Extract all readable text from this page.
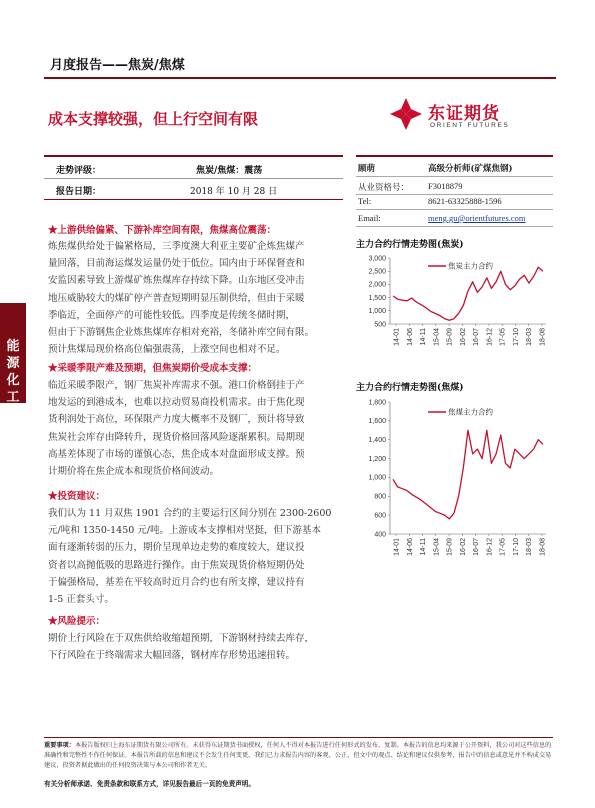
月度报告——焦炭/焦煤
成本支撑较强，但上行空间有限	东证期货
ORIENT FUTURES
能源化工
走势评级：	焦炭/焦煤：震荡
报告日期：	2018 年 10 月 28 日
顾萌	高级分析师(矿煤焦钢)
从业资格号： F3018879
Tel:	8621-63325888-1596
Email:	meng.gu@orientfutures.com
★上游供给偏紧、下游补库空间有限，焦煤高位震荡：
炼焦煤供给处于偏紧格局，三季度澳大利亚主要矿企炼焦煤产
量回落，目前海运煤发运量仍处于低位。国内由于环保督查和
安监因素导致上游煤矿炼焦煤库存持续下降。山东地区受冲击
地压威胁较大的煤矿停产普查短期明显压制供给，但由于采暖
季临近，全面停产的可能性较低。四季度是传统冬储时期，
但由于下游钢焦企业炼焦煤库存相对充裕，冬储补库空间有限。
预计焦煤局现价格高位偏强震荡，上涨空间也相对不足。
★采暖季限产难及预期，但焦炭期价受成本支撑：
临近采暖季限产，钢厂焦炭补库需求不强。港口价格倒挂于产
地发运的到港成本，也难以拉动贸易商投机需求。由于焦化现
货利润处于高位，环保限产力度大概率不及钢厂，预计将导致
焦炭社会库存由降转升，现货价格回落风险逐渐累积。局期现
高基差体现了市场的谨慎心态，焦企成本对盘面形成支撑。预
计期价将在焦企成本和现货价格间波动。
★投资建议：
我们认为 11 月双焦 1901 合约的主要运行区间分别在 2300-2600
元/吨和 1350-1450 元/吨。上游成本支撑相对坚挺，但下游基本
面有逐渐转弱的压力，期价呈现单边走势的难度较大，建议投
资者以高抛低吸的思路进行操作。由于焦炭现货价格短期仍处
于偏强格局，基差在平较高时近月合约也有所支撑，建议持有
1-5 正套头寸。
★风险提示：
期价上行风险在于双焦供给收缩超预期，下游钢材持续去库存，
下行风险在于终端需求大幅回落，钢材库存形势迅速扭转。
主力合约行情走势图(焦炭)
500
1,000
1,500
2,000
2,500
3,000
14-01 14-06 14-11 15-04 15-09 16-02 16-07 16-12 17-05 17-10 18-03 18-08
焦炭主力合约
主力合约行情走势图(焦煤)
400
600
800
1,000
1,200
1,400
1,600
1,800
14-01 14-06 14-11 15-04 15-09 16-02 16-07 16-12 17-05 17-10 18-03 18-08
焦煤主力合约
重要事项：本报告版权归上海东证期货有限公司所有。未获得东证期货书面授权，任何人不得对本报告进行任何形式的发布、复制。本报告的信息均来源于公开资料，我公司对这些信息的准确性和完整性不作任何保证。本报告所载的信息和建议不会发生任何变更，我们已力求报告内容的客观、公正，但文中的观点、结论和建议仅供参考，报告中的信息或意见并不构成交易建议，投资者据此做出的任何投资决策与本公司和作者无关。
有关分析师承诺、免责条款和联系方式，详见报告最后一页的免责声明。
